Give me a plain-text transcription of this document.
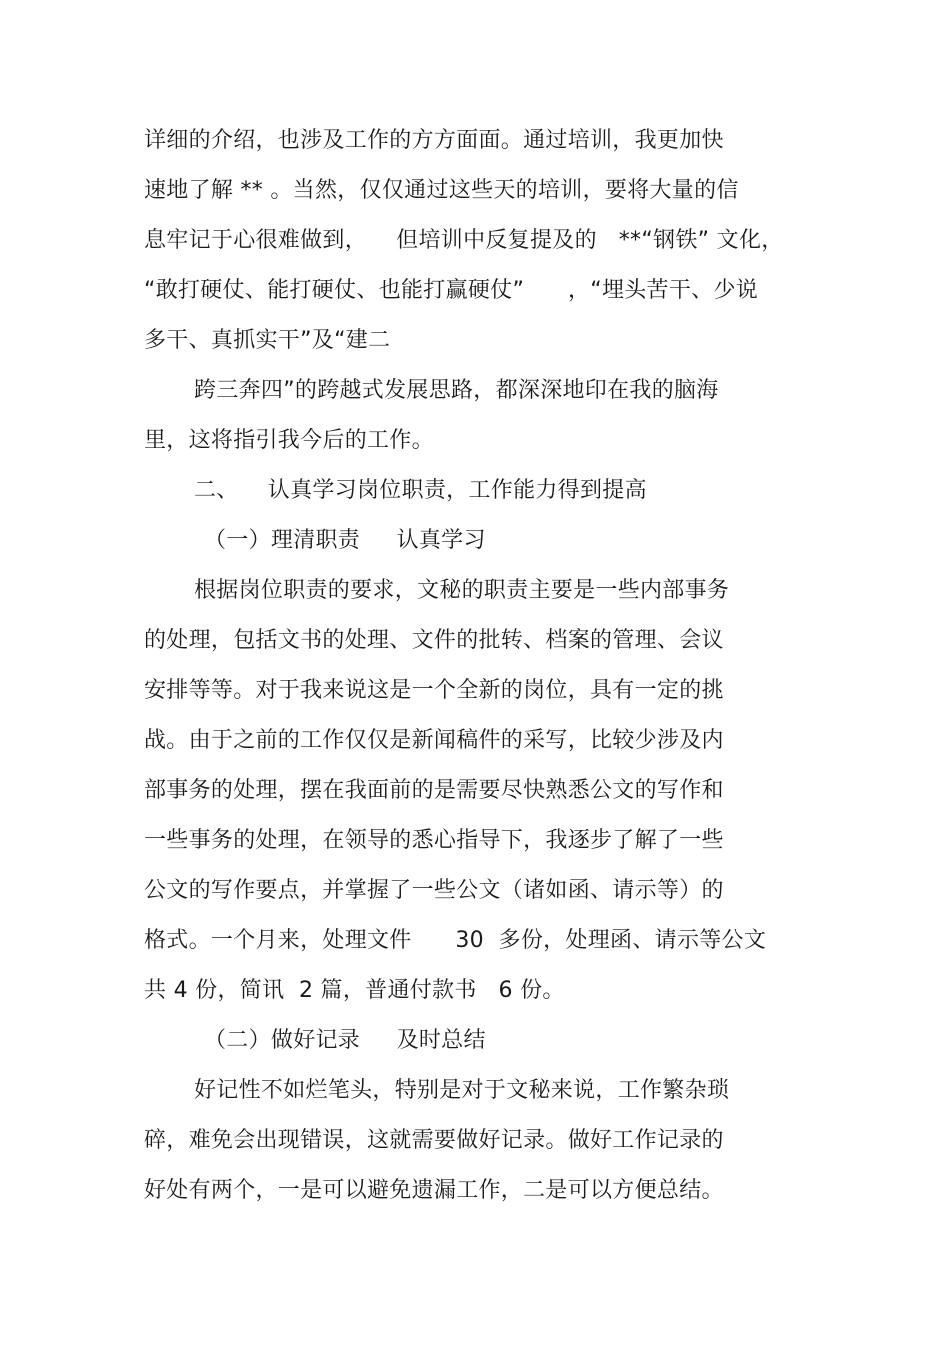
详细的介绍，也涉及工作的方方面面。通过培训，我更加快
速地了解 ** 。当然，仅仅通过这些天的培训，要将大量的信
息牢记于心很难做到，    但培训中反复提及的   **“钢铁” 文化，
“敢打硬仗、能打硬仗、也能打赢硬仗”      ，“埋头苦干、少说
多干、真抓实干”及“建二
跨三奔四”的跨越式发展思路，都深深地印在我的脑海
里，这将指引我今后的工作。
二、    认真学习岗位职责，工作能力得到提高
（一）理清职责     认真学习
根据岗位职责的要求，文秘的职责主要是一些内部事务
的处理，包括文书的处理、文件的批转、档案的管理、会议
安排等等。对于我来说这是一个全新的岗位，具有一定的挑
战。由于之前的工作仅仅是新闻稿件的采写，比较少涉及内
部事务的处理，摆在我面前的是需要尽快熟悉公文的写作和
一些事务的处理，在领导的悉心指导下，我逐步了解了一些
公文的写作要点，并掌握了一些公文（诸如函、请示等）的
格式。一个月来，处理文件      30  多份，处理函、请示等公文
共 4 份，简讯  2 篇，普通付款书   6 份。
（二）做好记录     及时总结
好记性不如烂笔头，特别是对于文秘来说，工作繁杂琐
碎，难免会出现错误，这就需要做好记录。做好工作记录的
好处有两个，一是可以避免遗漏工作，二是可以方便总结。
